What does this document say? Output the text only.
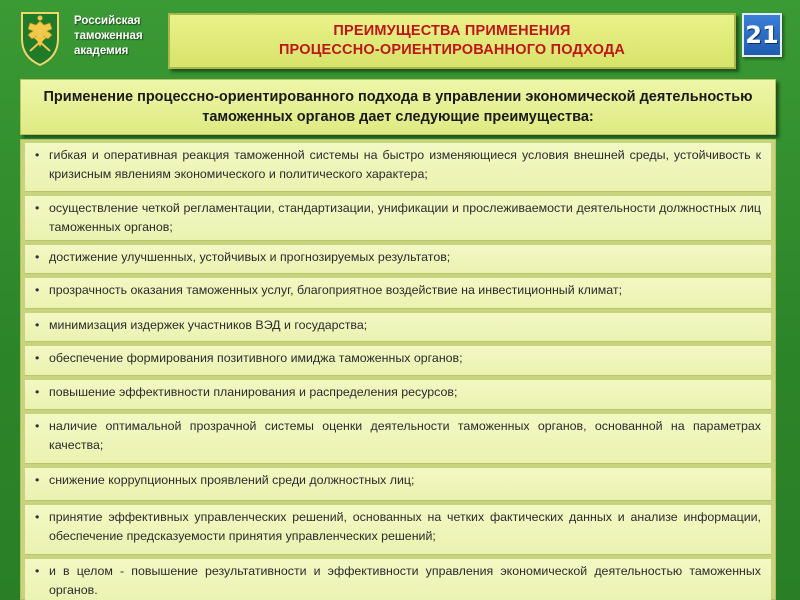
Российская
таможенная
академия
ПРЕИМУЩЕСТВА ПРИМЕНЕНИЯ
ПРОЦЕССНО-ОРИЕНТИРОВАННОГО ПОДХОДА
21
Применение процессно-ориентированного подхода в управлении экономической деятельностью таможенных органов дает следующие преимущества:
• гибкая и оперативная реакция таможенной системы на быстро изменяющиеся условия внешней среды, устойчивость к кризисным явлениям экономического и политического характера;
• осуществление четкой регламентации, стандартизации, унификации и прослеживаемости деятельности должностных лиц таможенных органов;
• достижение улучшенных, устойчивых и прогнозируемых результатов;
• прозрачность оказания таможенных услуг, благоприятное воздействие на инвестиционный климат;
• минимизация издержек участников ВЭД и государства;
• обеспечение формирования позитивного имиджа таможенных органов;
• повышение эффективности планирования и распределения ресурсов;
• наличие оптимальной прозрачной системы оценки деятельности таможенных органов, основанной на параметрах качества;
• снижение коррупционных проявлений среди должностных лиц;
• принятие эффективных управленческих решений, основанных на четких фактических данных и анализе информации, обеспечение предсказуемости принятия управленческих решений;
• и в целом - повышение результативности и эффективности управления экономической деятельностью таможенных органов.
